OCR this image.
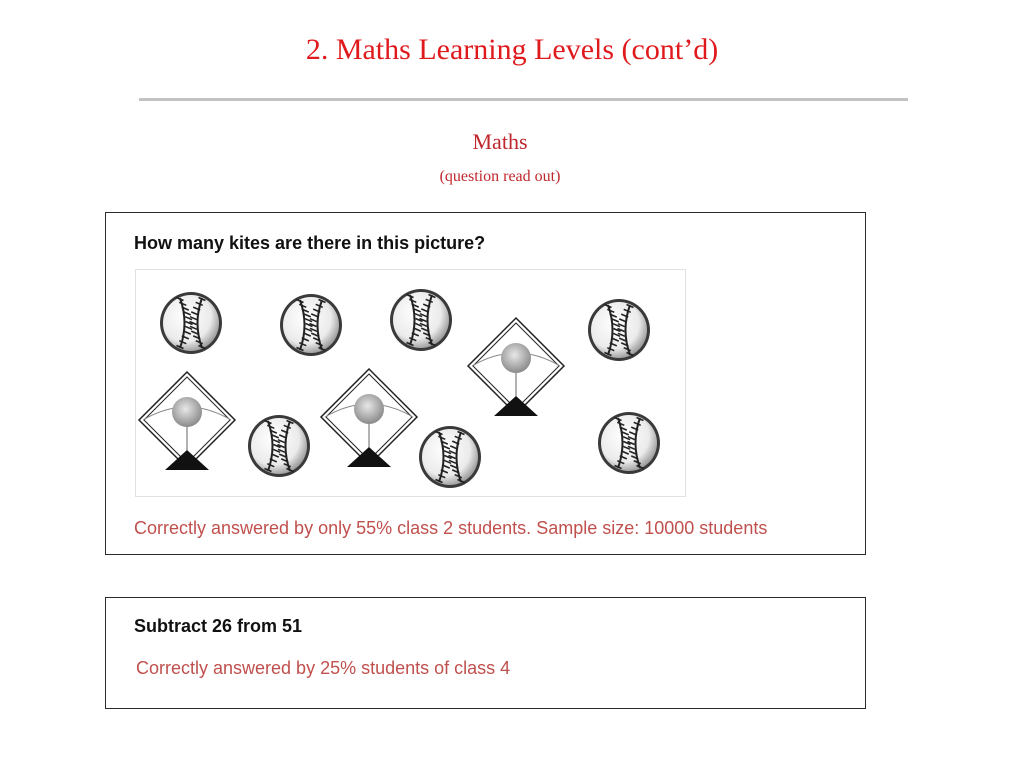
2. Maths Learning Levels (cont’d)
Maths
(question read out)
How many kites are there in this picture?
Correctly answered by only 55% class 2 students. Sample size: 10000 students
Subtract 26 from 51
Correctly answered by 25% students of class 4
